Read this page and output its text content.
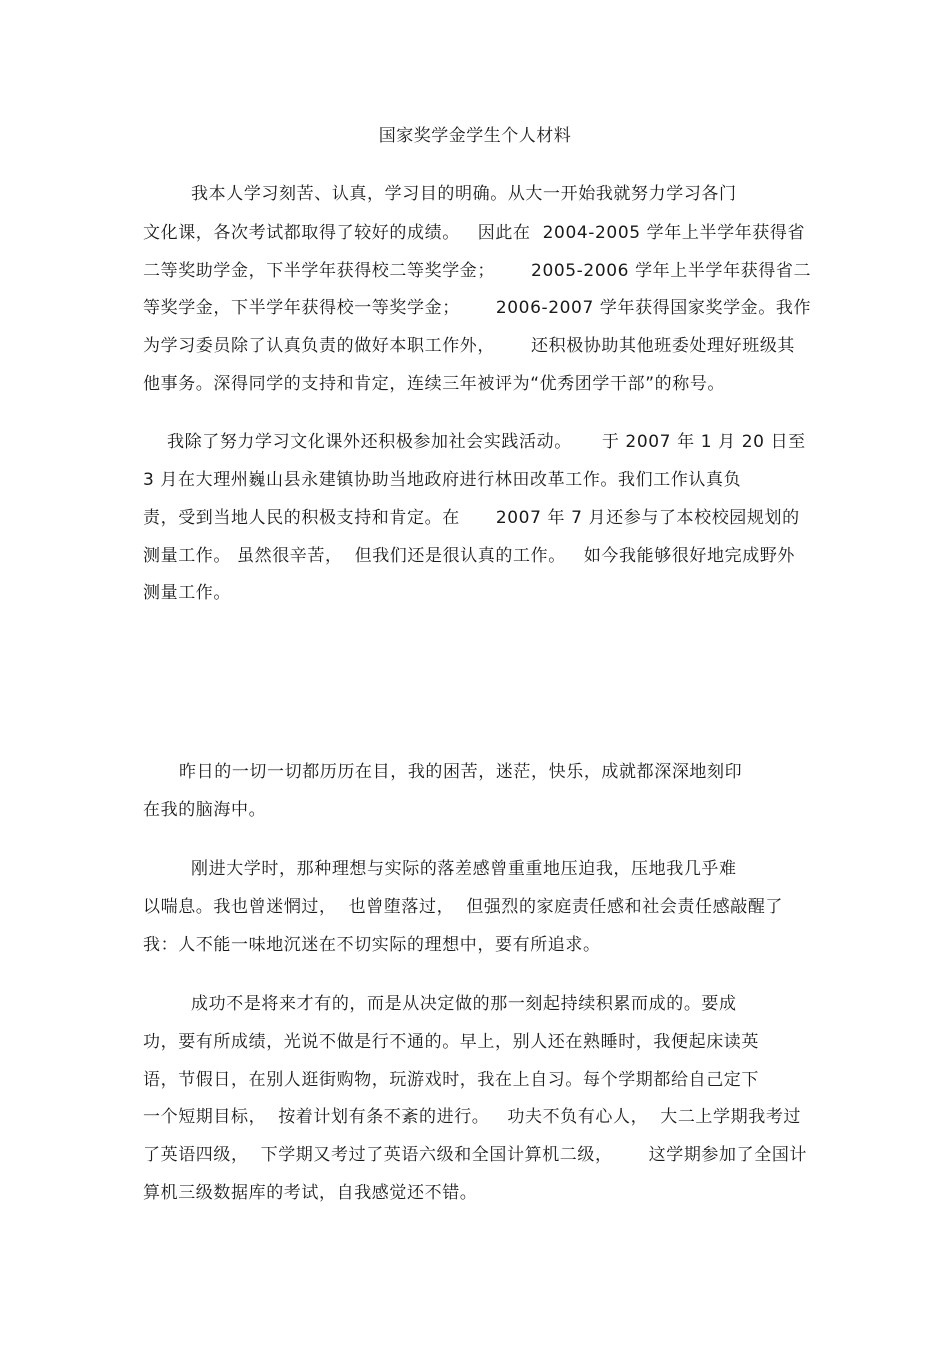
国家奖学金学生个人材料
我本人学习刻苦、认真，学习目的明确。从大一开始我就努力学习各门
文化课，各次考试都取得了较好的成绩。   因此在  2004-2005 学年上半学年获得省
二等奖助学金，下半学年获得校二等奖学金；      2005-2006 学年上半学年获得省二
等奖学金，下半学年获得校一等奖学金；      2006-2007 学年获得国家奖学金。我作
为学习委员除了认真负责的做好本职工作外，      还积极协助其他班委处理好班级其
他事务。深得同学的支持和肯定，连续三年被评为“优秀团学干部”的称号。
我除了努力学习文化课外还积极参加社会实践活动。     于 2007 年 1 月 20 日至
3 月在大理州巍山县永建镇协助当地政府进行林田改革工作。我们工作认真负
责，受到当地人民的积极支持和肯定。在      2007 年 7 月还参与了本校校园规划的
测量工作。 虽然很辛苦，  但我们还是很认真的工作。   如今我能够很好地完成野外
测量工作。
昨日的一切一切都历历在目，我的困苦，迷茫，快乐，成就都深深地刻印
在我的脑海中。
刚进大学时，那种理想与实际的落差感曾重重地压迫我，压地我几乎难
以喘息。我也曾迷惘过，  也曾堕落过，  但强烈的家庭责任感和社会责任感敲醒了
我：人不能一味地沉迷在不切实际的理想中，要有所追求。
成功不是将来才有的，而是从决定做的那一刻起持续积累而成的。要成
功，要有所成绩，光说不做是行不通的。早上，别人还在熟睡时，我便起床读英
语，节假日，在别人逛街购物，玩游戏时，我在上自习。每个学期都给自己定下
一个短期目标，  按着计划有条不紊的进行。   功夫不负有心人，  大二上学期我考过
了英语四级，  下学期又考过了英语六级和全国计算机二级，      这学期参加了全国计
算机三级数据库的考试，自我感觉还不错。
